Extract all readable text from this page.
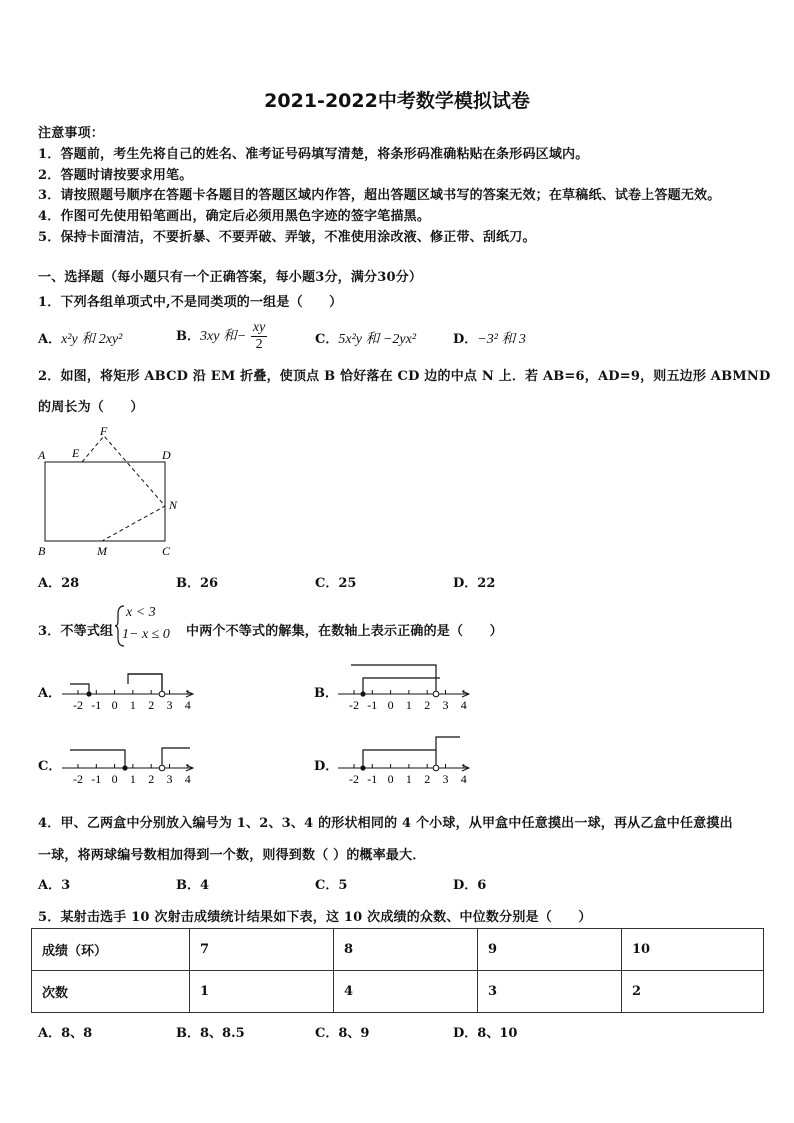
2021-2022中考数学模拟试卷
注意事项：
1．答题前，考生先将自己的姓名、准考证号码填写清楚，将条形码准确粘贴在条形码区域内。
2．答题时请按要求用笔。
3．请按照题号顺序在答题卡各题目的答题区域内作答，超出答题区域书写的答案无效；在草稿纸、试卷上答题无效。
4．作图可先使用铅笔画出，确定后必须用黑色字迹的签字笔描黑。
5．保持卡面清洁，不要折暴、不要弄破、弄皱，不准使用涂改液、修正带、刮纸刀。
一、选择题（每小题只有一个正确答案，每小题3分，满分30分）
1．下列各组单项式中,不是同类项的一组是（　　）
A．x²y 和 2xy²	B．3xy 和− $\frac{xy}{2}$	C．5x²y 和 −2yx²	D．−3² 和 3
2．如图，将矩形 ABCD 沿 EM 折叠，使顶点 B 恰好落在 CD 边的中点 N 上．若 AB=6，AD=9，则五边形 ABMND
的周长为（　　）
A E
F
D
N
B	M	C
A．28	B．26	C．25	D．22
3．不等式组
x < 3
1− x ≤ 0 中两个不等式的解集，在数轴上表示正确的是（　　）
A．	B．
C．	D．
-2 -1 0 1 2 3 4	-2 -1 0 1 2 3 4
-2 -1 0 1 2 3 4	-2 -1 0 1 2 3 4
4．甲、乙两盒中分别放入编号为 1、2、3、4 的形状相同的 4 个小球，从甲盒中任意摸出一球，再从乙盒中任意摸出
一球，将两球编号数相加得到一个数，则得到数（ ）的概率最大．
A．3	B．4	C．5	D．6
5．某射击选手 10 次射击成绩统计结果如下表，这 10 次成绩的众数、中位数分别是（　　）
成绩（环）	7	8	9	10
次数	1	4	3	2
A．8、8	B．8、8.5	C．8、9	D．8、10
